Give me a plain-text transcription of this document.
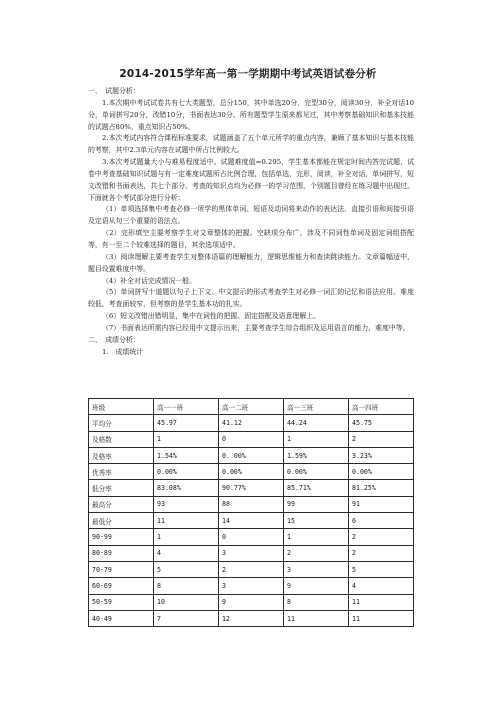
2014-2015学年高一第一学期期中考试英语试卷分析

一、　试题分析：

1.本次期中考试试卷共有七大类题型，总分150，其中单选20分，完型30分，阅读30分，补全对话10分，单词拼写20分，改错10分，书面表达30分。所有题型学生原来都见过，其中考察基础知识和基本技能的试题占80%，重点知识占50%。

2.本次考试内容符合课程标准要求，试题涵盖了五个单元所学的重点内容，兼顾了基本知识与基本技能的考察，其中2.3单元内容在试题中所占比例较大。

3.本次考试题量大小与难易程度适中。试题难度值=0.295，学生基本都能在规定时间内答完试题，试卷中考查基础知识试题与有一定难度试题所占比例合理，包括单选，完形，阅读，补全对话，单词拼写，短文改错和书面表达，共七个部分。考查的知识点均为必修一的学习范围，个别题目曾经在练习题中出现过。下面就各个考试部分进行分析：

（1）单项选择集中考查必修一所学的黑体单词、短语及动词将来动作的表达法、直接引语和间接引语及定语从句三个重要的语法点。

（2）完形填空主要考察学生对文章整体的把握。空缺项分布广，涉及不同词性单词及固定词组搭配等，有一至二个较难选择的题目，其余选项适中。

（3）阅读理解主要考查学生对整体语篇的理解能力，逻辑思维能力和查读跳读能力。文章篇幅适中，题目设置难度中等。

（4）补全对话完成情况一般。

（5）单词拼写十道题以句子上下文、中文提示的形式考查学生对必修一词汇的记忆和语法应用。难度较低，考查面较窄，但考察的是学生基本功的扎实。

（6）短文改错出错明显，集中在词性的把握、固定搭配及语意理解上。

（7）书面表达所需内容已经用中文提示出来，主要考查学生综合组织及运用语言的能力，难度中等。

二、　成绩分析：

1.　成绩统计

班级	高一一班	高一二班	高一三班	高一四班
平均分	45.97	41.12	44.24	45.75
及格数	1	0	1	2
及格率	1.54%	0. 00%	1.59%	3.23%
优秀率	0.00%	0.00%	0.00%	0.00%
低分率	83.08%	90.77%	85.71%	81.25%
最高分	93	88	99	91
最低分	11	14	15	6
90-99	1	0	1	2
80-89	4	3	2	2
70-79	5	2	3	5
60-69	8	3	9	4
50-59	10	9	8	11
40-49	7	12	11	11
